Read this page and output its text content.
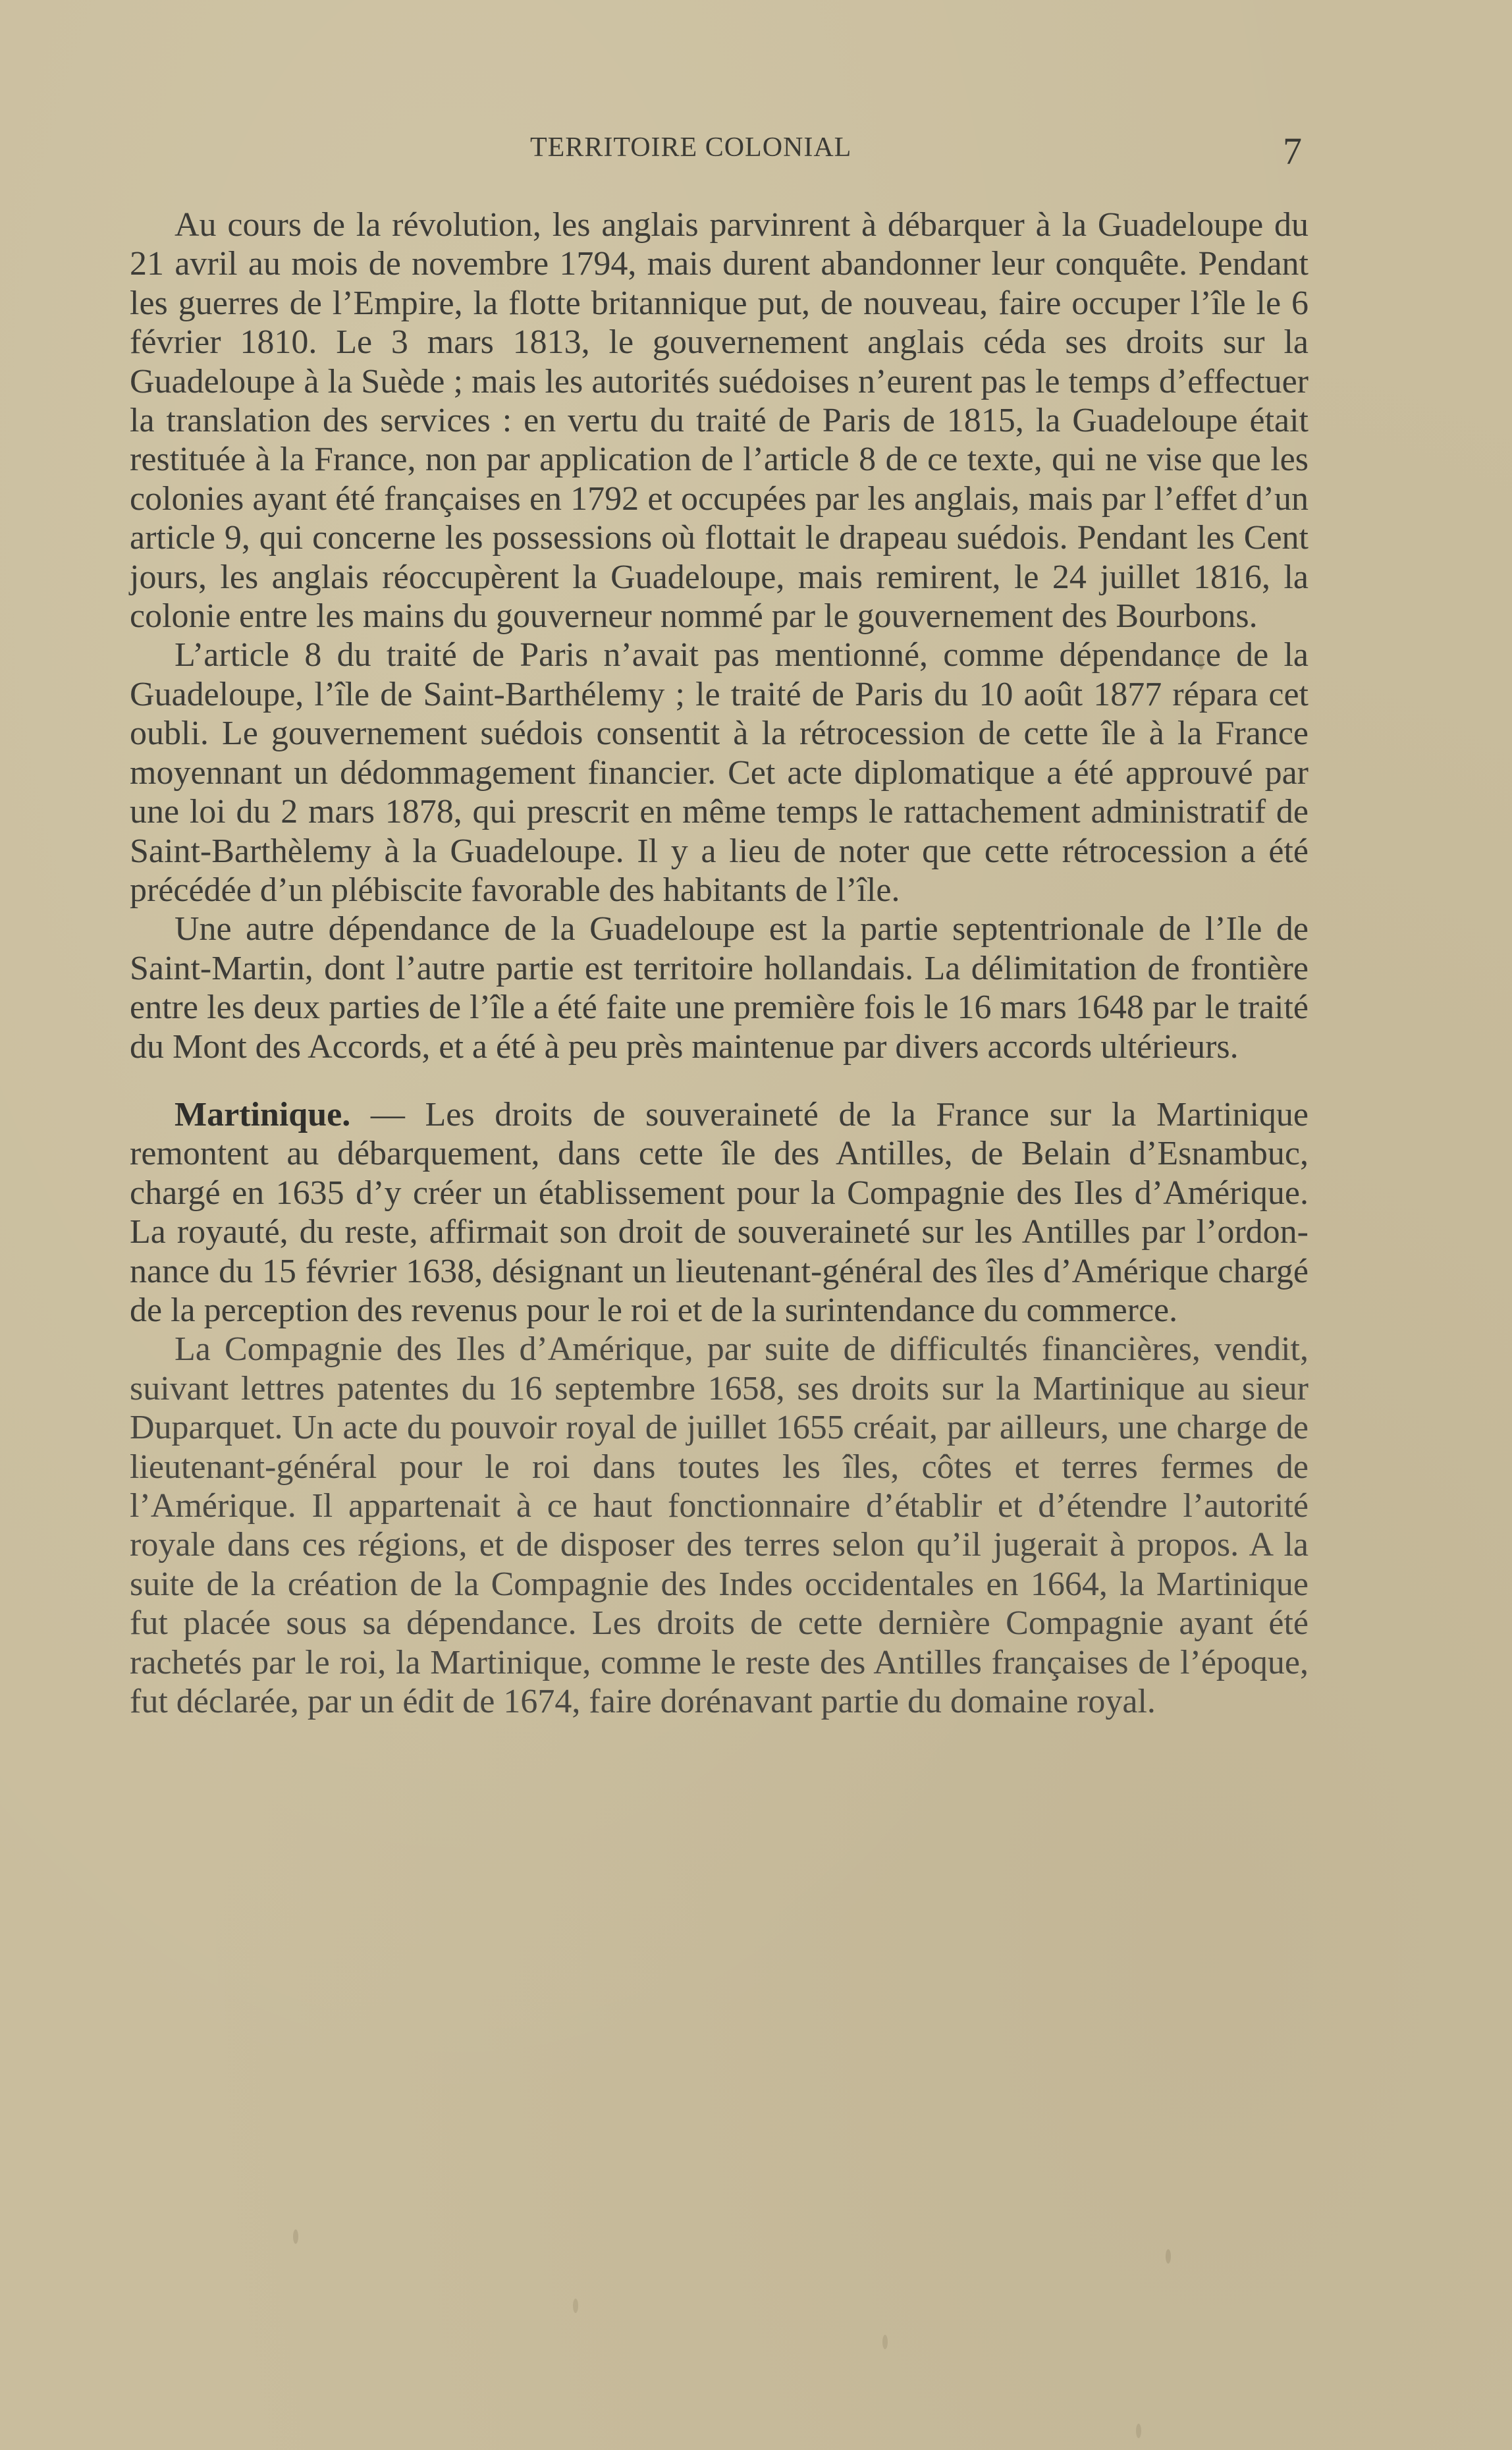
TERRITOIRE COLONIAL	7

Au cours de la révolution, les anglais parvinrent à débarquer à la Guadeloupe du 21 avril au mois de novembre 1794, mais durent abandonner leur conquête. Pendant les guerres de l’Empire, la flotte britannique put, de nouveau, faire occuper l’île le 6 février 1810. Le 3 mars 1813, le gouvernement anglais céda ses droits sur la Guadeloupe à la Suède ; mais les autorités suédoises n’eurent pas le temps d’effectuer la translation des services : en vertu du traité de Paris de 1815, la Guadeloupe était restituée à la France, non par application de l’article 8 de ce texte, qui ne vise que les colonies ayant été françaises en 1792 et occupées par les anglais, mais par l’effet d’un article 9, qui concerne les possessions où flottait le drapeau suédois. Pendant les Cent jours, les anglais réoccupèrent la Guadeloupe, mais remirent, le 24 juillet 1816, la colonie entre les mains du gouverneur nommé par le gouvernement des Bourbons.

L’article 8 du traité de Paris n’avait pas mentionné, comme dépendance de la Guadeloupe, l’île de Saint-Barthélemy ; le traité de Paris du 10 août 1877 répara cet oubli. Le gouvernement suédois consentit à la rétrocession de cette île à la France moyennant un dédommagement financier. Cet acte diplomatique a été approuvé par une loi du 2 mars 1878, qui prescrit en même temps le rattachement administratif de Saint-Barthèlemy à la Guadeloupe. Il y a lieu de noter que cette rétrocession a été précédée d’un plébiscite favorable des habitants de l’île.

Une autre dépendance de la Guadeloupe est la partie septentrionale de l’Ile de Saint-Martin, dont l’autre partie est territoire hollandais. La délimitation de frontière entre les deux parties de l’île a été faite une première fois le 16 mars 1648 par le traité du Mont des Accords, et a été à peu près maintenue par divers accords ultérieurs.

Martinique. — Les droits de souveraineté de la France sur la Martinique remontent au débarquement, dans cette île des Antilles, de Belain d’Esnambuc, chargé en 1635 d’y créer un établissement pour la Compagnie des Iles d’Amérique. La royauté, du reste, affirmait son droit de souveraineté sur les Antilles par l’ordonnance du 15 février 1638, désignant un lieutenant-général des îles d’Amérique chargé de la perception des revenus pour le roi et de la surintendance du commerce.

La Compagnie des Iles d’Amérique, par suite de difficultés financières, vendit, suivant lettres patentes du 16 septembre 1658, ses droits sur la Martinique au sieur Duparquet. Un acte du pouvoir royal de juillet 1655 créait, par ailleurs, une charge de lieutenant-général pour le roi dans toutes les îles, côtes et terres fermes de l’Amérique. Il appartenait à ce haut fonctionnaire d’établir et d’étendre l’autorité royale dans ces régions, et de disposer des terres selon qu’il jugerait à propos. A la suite de la création de la Compagnie des Indes occidentales en 1664, la Martinique fut placée sous sa dépendance. Les droits de cette dernière Compagnie ayant été rachetés par le roi, la Martinique, comme le reste des Antilles françaises de l’époque, fut déclarée, par un édit de 1674, faire dorénavant partie du domaine royal.
